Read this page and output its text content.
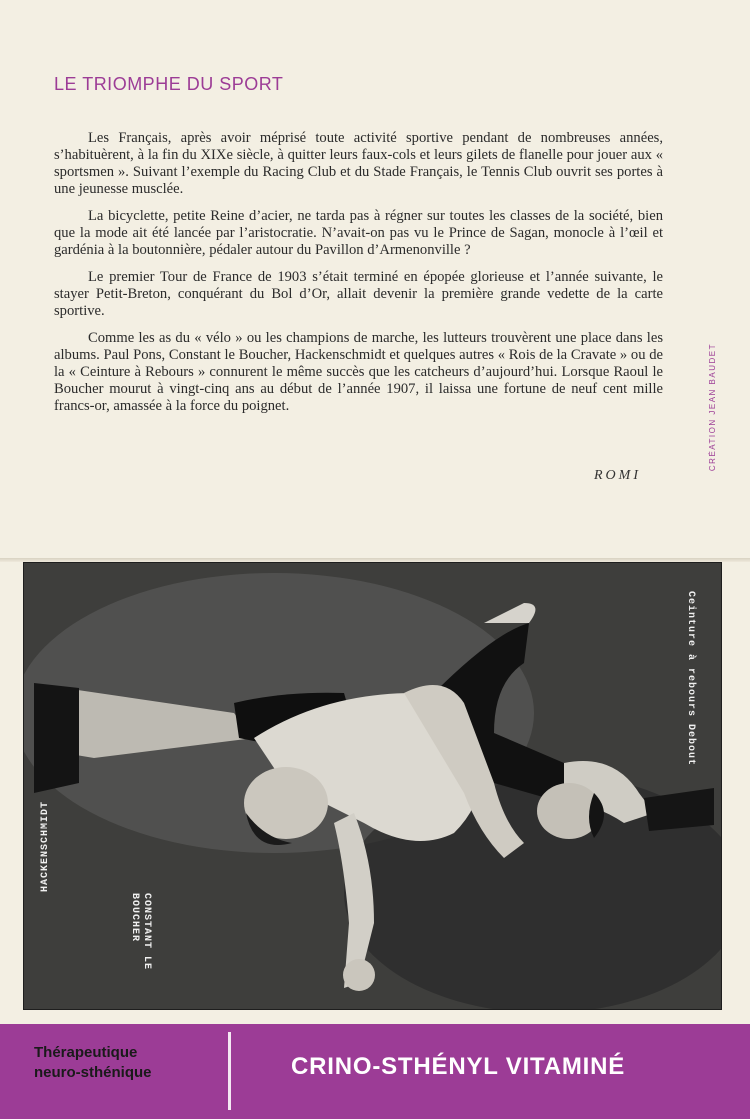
LE TRIOMPHE DU SPORT

Les Français, après avoir méprisé toute activité sportive pendant de nombreuses années, s’habituèrent, à la fin du XIXe siècle, à quitter leurs faux-cols et leurs gilets de flanelle pour jouer aux « sportsmen ». Suivant l’exemple du Racing Club et du Stade Français, le Tennis Club ouvrit ses portes à une jeunesse musclée.

La bicyclette, petite Reine d’acier, ne tarda pas à régner sur toutes les classes de la société, bien que la mode ait été lancée par l’aristocratie. N’avait-on pas vu le Prince de Sagan, monocle à l’œil et gardénia à la boutonnière, pédaler autour du Pavillon d’Armenonville ?

Le premier Tour de France de 1903 s’était terminé en épopée glorieuse et l’année suivante, le stayer Petit-Breton, conquérant du Bol d’Or, allait devenir la première grande vedette de la carte sportive.

Comme les as du « vélo » ou les champions de marche, les lutteurs trouvèrent une place dans les albums. Paul Pons, Constant le Boucher, Hackenschmidt et quelques autres « Rois de la Cravate » ou de la « Ceinture à Rebours » connurent le même succès que les catcheurs d’aujourd’hui. Lorsque Raoul le Boucher mourut à vingt-cinq ans au début de l’année 1907, il laissa une fortune de neuf cent mille francs-or, amassée à la force du poignet.

ROMI
CRÉATION JEAN BAUDET
Ceinture à rebours Debout
HACKENSCHMIDT
CONSTANT LE BOUCHER
Thérapeutique
neuro-sthénique	CRINO-STHÉNYL VITAMINÉ
